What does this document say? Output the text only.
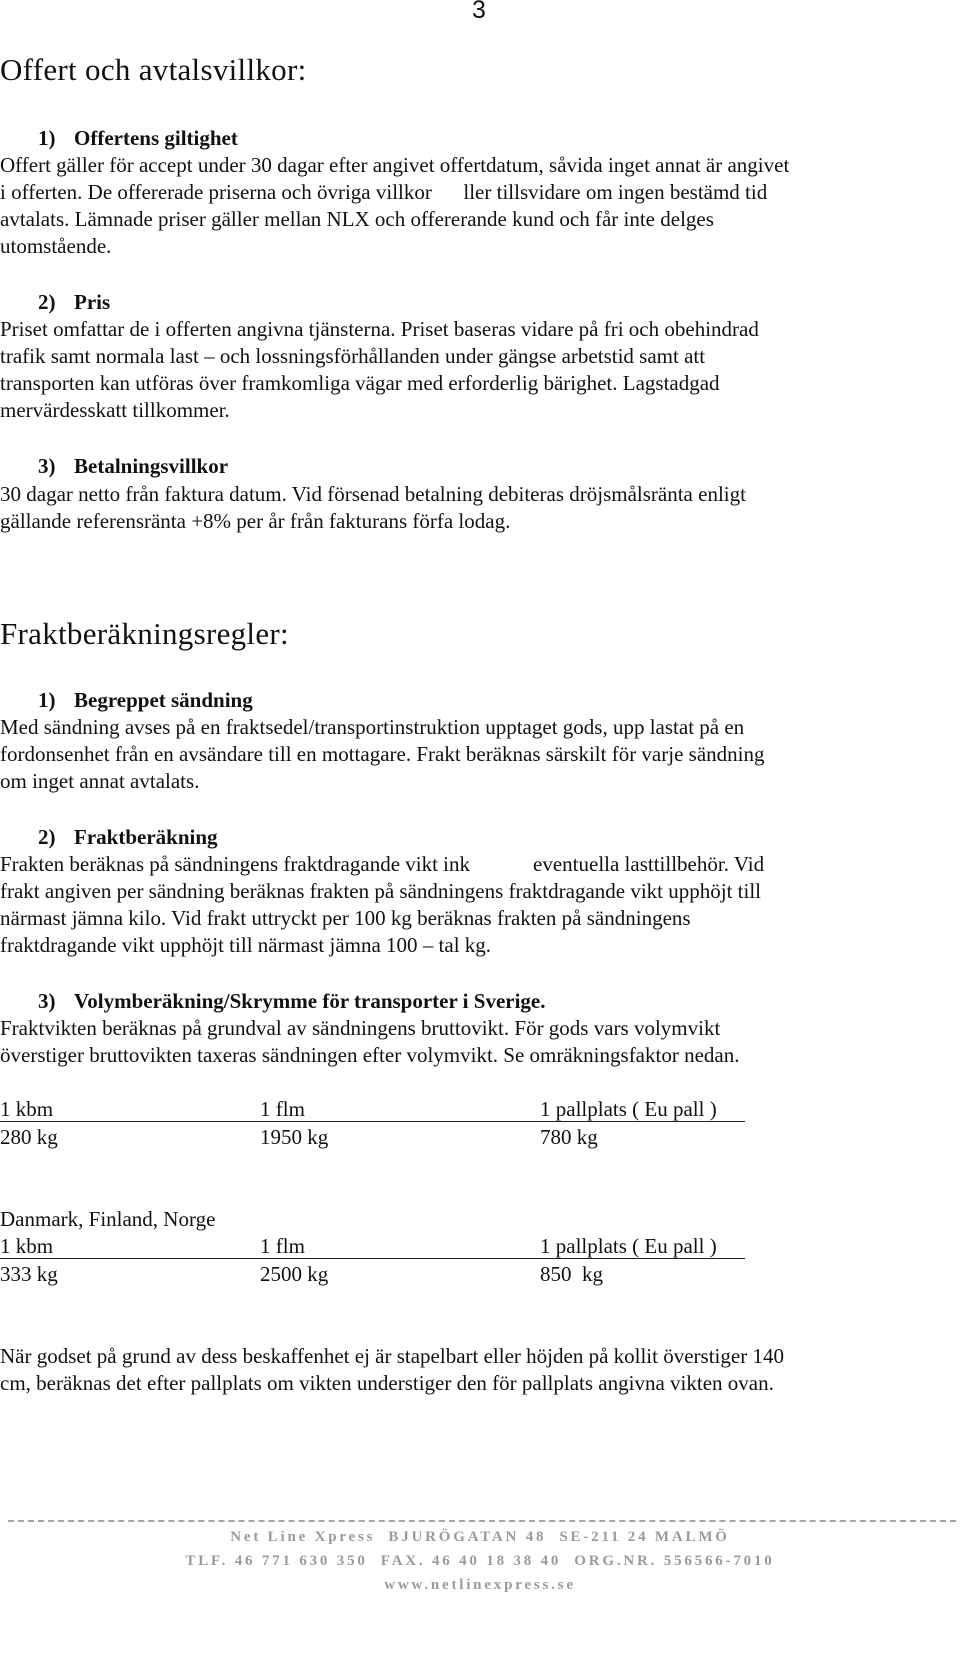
3
Offert och avtalsvillkor:
1) Offertens giltighet
Offert gäller för accept under 30 dagar efter angivet offertdatum, såvida inget annat är angivet
i offerten. De offererade priserna och övriga villkor      ller tillsvidare om ingen bestämd tid
avtalats. Lämnade priser gäller mellan NLX och offererande kund och får inte delges
utomstående.
2) Pris
Priset omfattar de i offerten angivna tjänsterna. Priset baseras vidare på fri och obehindrad
trafik samt normala last – och lossningsförhållanden under gängse arbetstid samt att
transporten kan utföras över framkomliga vägar med erforderlig bärighet. Lagstadgad
mervärdesskatt tillkommer.
3) Betalningsvillkor
30 dagar netto från faktura datum. Vid försenad betalning debiteras dröjsmålsränta enligt
gällande referensränta +8% per år från fakturans förfa lodag.
Fraktberäkningsregler:
1) Begreppet sändning
Med sändning avses på en fraktsedel/transportinstruktion upptaget gods, upp lastat på en
fordonsenhet från en avsändare till en mottagare. Frakt beräknas särskilt för varje sändning
om inget annat avtalats.
2) Fraktberäkning
Frakten beräknas på sändningens fraktdragande vikt ink            eventuella lasttillbehör. Vid
frakt angiven per sändning beräknas frakten på sändningens fraktdragande vikt upphöjt till
närmast jämna kilo. Vid frakt uttryckt per 100 kg beräknas frakten på sändningens
fraktdragande vikt upphöjt till närmast jämna 100 – tal kg.
3) Volymberäkning/Skrymme för transporter i Sverige.
Fraktvikten beräknas på grundval av sändningens bruttovikt. För gods vars volymvikt
överstiger bruttovikten taxeras sändningen efter volymvikt. Se omräkningsfaktor nedan.
1 kbm	1 flm	1 pallplats ( Eu pall )
280 kg	1950 kg	780 kg
Danmark, Finland, Norge
1 kbm	1 flm	1 pallplats ( Eu pall )
333 kg	2500 kg	850  kg
När godset på grund av dess beskaffenhet ej är stapelbart eller höjden på kollit överstiger 140
cm, beräknas det efter pallplats om vikten understiger den för pallplats angivna vikten ovan.
Net Line Xpress  BJURÖGATAN 48  SE-211 24 MALMÖ
TLF. 46 771 630 350  FAX. 46 40 18 38 40  ORG.NR. 556566-7010
www.netlinexpress.se
